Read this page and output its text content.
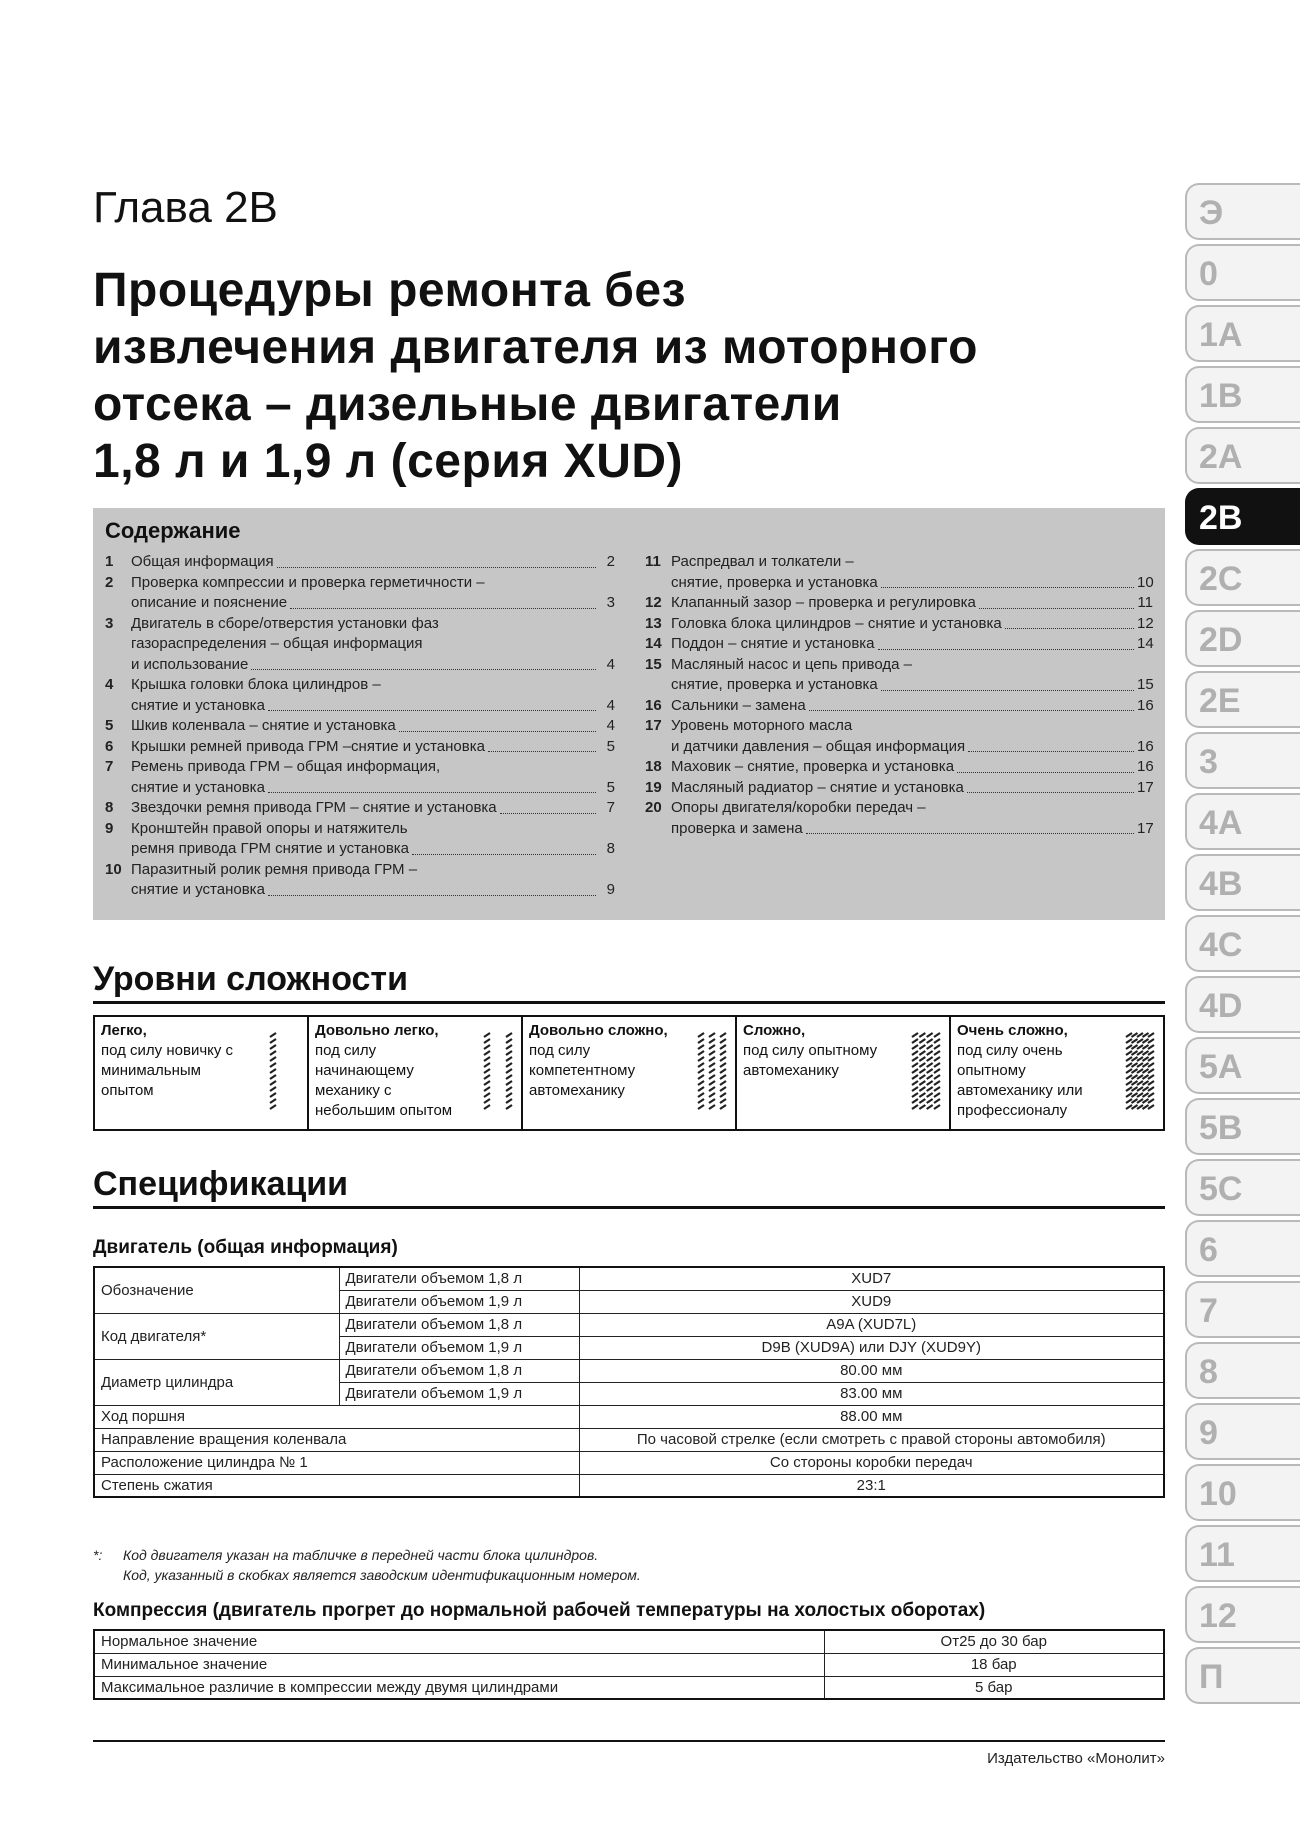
Глава 2B
Процедуры ремонта без
извлечения двигателя из моторного
отсека – дизельные двигатели
1,8 л и 1,9 л (серия XUD)
Э
0
1A
1B
2A
2B
2C
2D
2E
3
4A
4B
4C
4D
5A
5B
5C
6
7
8
9
10
11
12
П
Содержание
1	Общая информация	2
2	Проверка компрессии и проверка герметичности –
описание и пояснение	3
3	Двигатель в сборе/отверстия установки фаз
газораспределения – общая информация
и использование	4
4	Крышка головки блока цилиндров –
снятие и установка	4
5	Шкив коленвала – снятие и установка	4
6	Крышки ремней привода ГРМ –снятие и установка	5
7	Ремень привода ГРМ – общая информация,
снятие и установка	5
8	Звездочки ремня привода ГРМ – снятие и установка	7
9	Кронштейн правой опоры и натяжитель
ремня привода ГРМ снятие и установка	8
10 Паразитный ролик ремня привода ГРМ –
снятие и установка	9
11 Распредвал и толкатели –
снятие, проверка и установка	10
12 Клапанный зазор – проверка и регулировка	11
13 Головка блока цилиндров – снятие и установка	12
14 Поддон – снятие и установка	14
15 Масляный насос и цепь привода –
снятие, проверка и установка	15
16 Сальники – замена	16
17 Уровень моторного масла
и датчики давления – общая информация	16
18 Маховик – снятие, проверка и установка	16
19 Масляный радиатор – снятие и установка	17
20 Опоры двигателя/коробки передач –
проверка и замена	17
Уровни сложности
Легко,
под силу новичку с минимальным опытом
Довольно легко,
под силу начинающему механику с небольшим опытом
Довольно сложно,
под силу компетентному автомеханику
Сложно,
под силу опытному автомеханику
Очень сложно,
под силу очень опытному автомеханику или профессионалу
Спецификации
Двигатель (общая информация)
Обозначение	Двигатели объемом 1,8 л	XUD7
	Двигатели объемом 1,9 л	XUD9
Код двигателя*	Двигатели объемом 1,8 л	A9A (XUD7L)
	Двигатели объемом 1,9 л	D9B (XUD9A) или DJY (XUD9Y)
Диаметр цилиндра	Двигатели объемом 1,8 л	80.00 мм
	Двигатели объемом 1,9 л	83.00 мм
Ход поршня		88.00 мм
Направление вращения коленвала		По часовой стрелке (если смотреть с правой стороны автомобиля)
Расположение цилиндра № 1		Со стороны коробки передач
Степень сжатия		23:1
*: Код двигателя указан на табличке в передней части блока цилиндров.
Код, указанный в скобках является заводским идентификационным номером.
Компрессия (двигатель прогрет до нормальной рабочей температуры на холостых оборотах)
Нормальное значение	От25 до 30 бар
Минимальное значение	18 бар
Максимальное различие в компрессии между двумя цилиндрами	5 бар
Издательство «Монолит»
